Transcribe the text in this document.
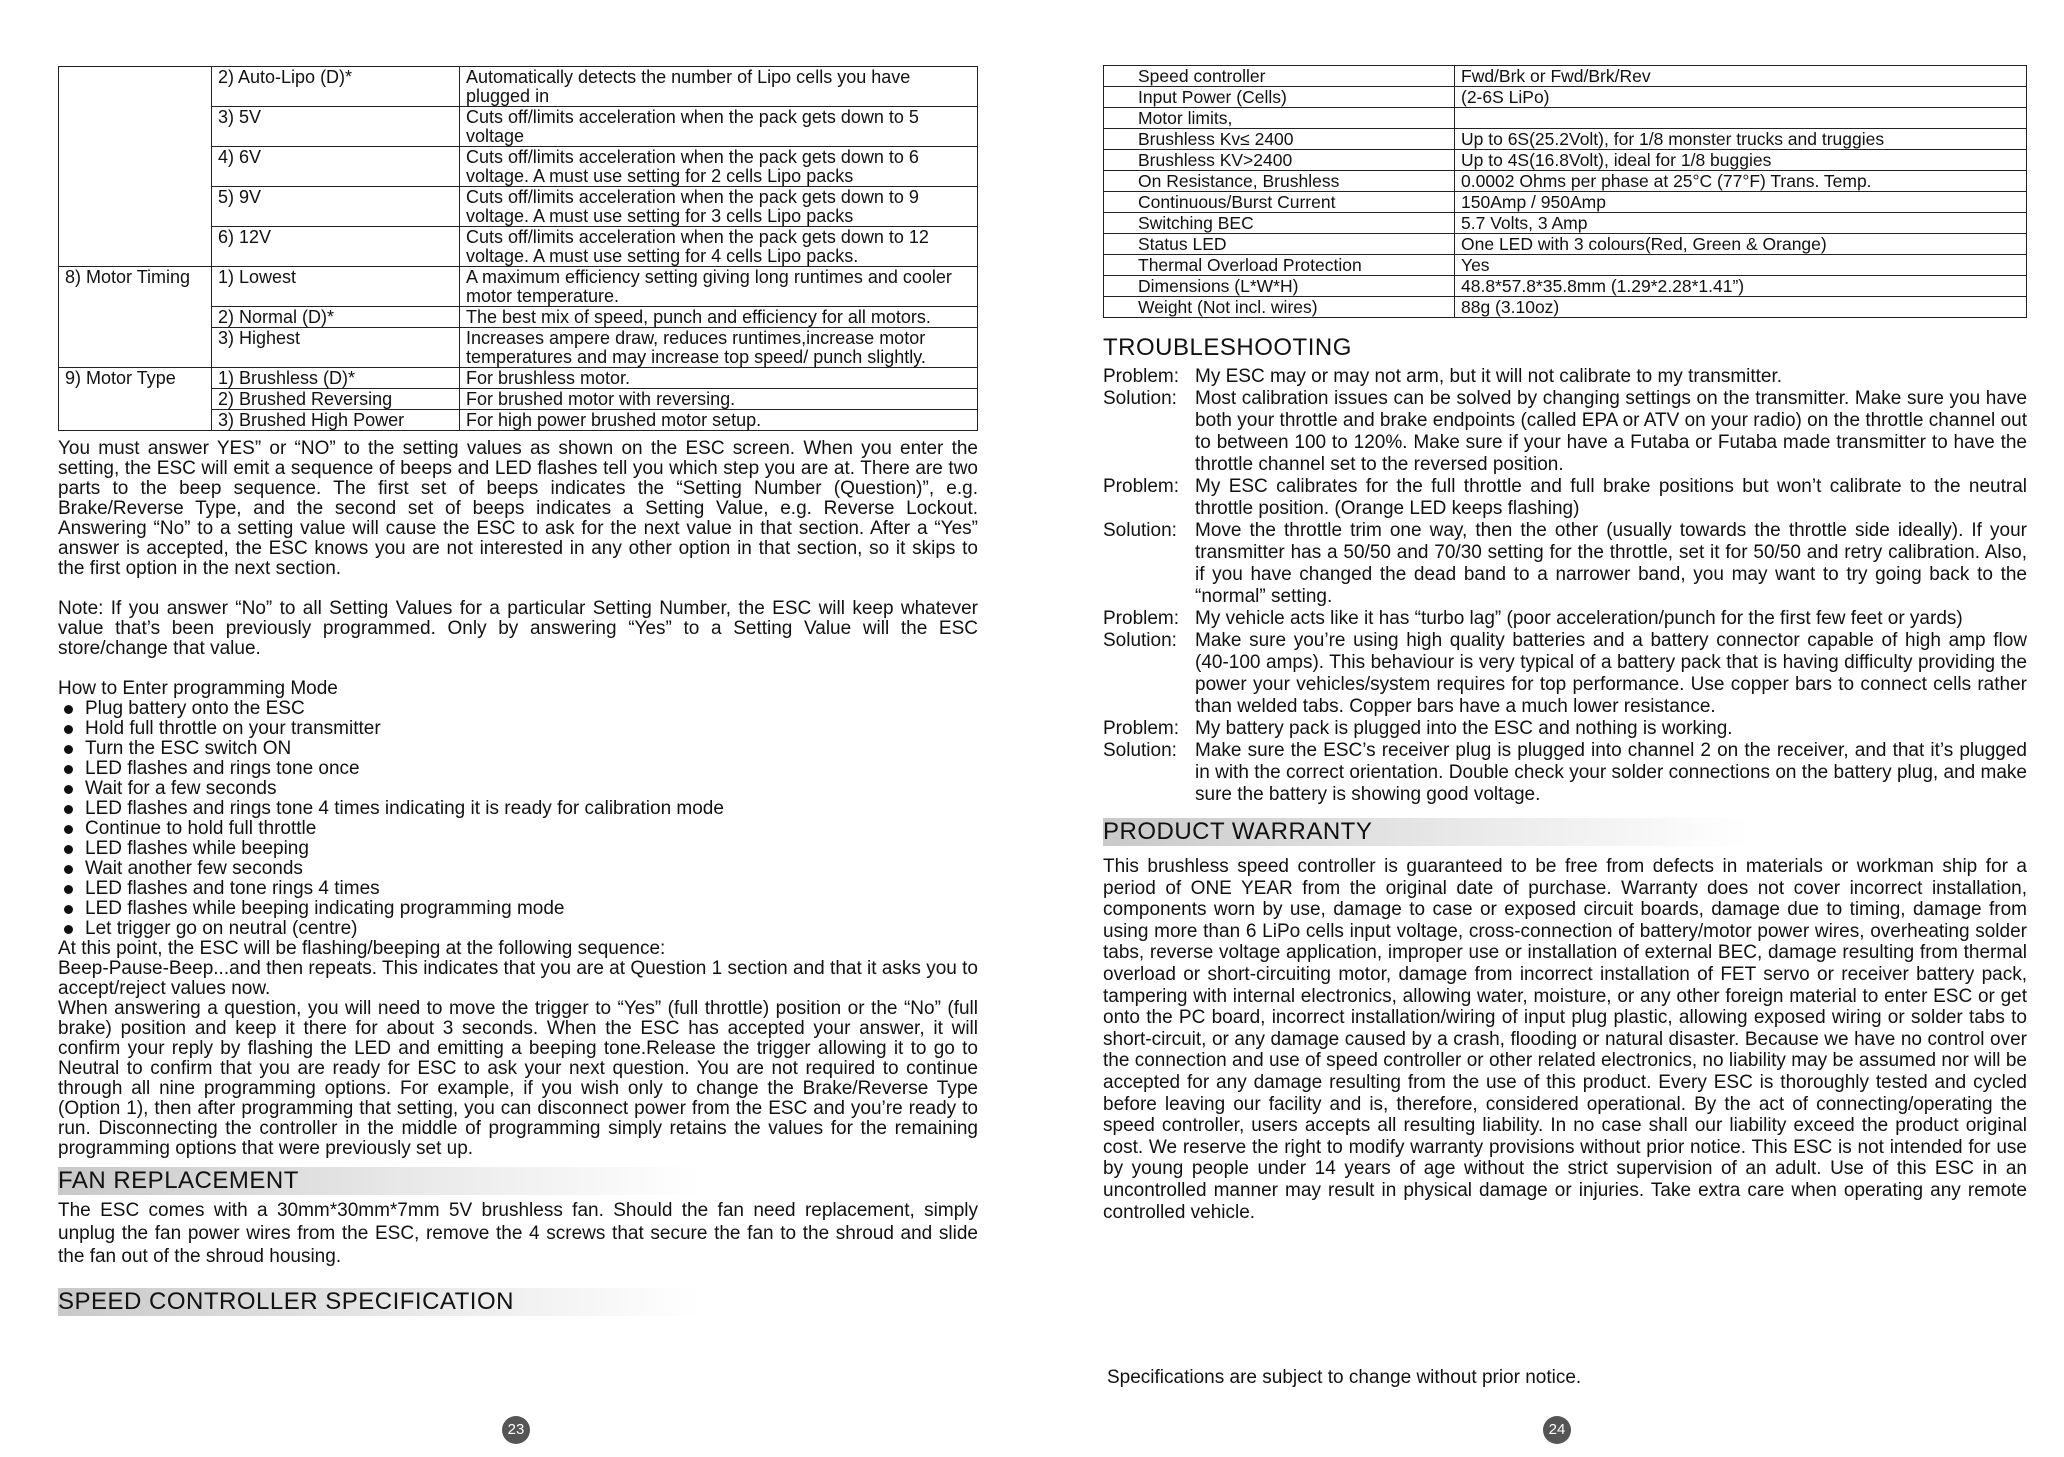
	2) Auto-Lipo (D)*	Automatically detects the number of Lipo cells you have plugged in
	3) 5V	Cuts off/limits acceleration when the pack gets down to 5 voltage
	4) 6V	Cuts off/limits acceleration when the pack gets down to 6 voltage. A must use setting for 2 cells Lipo packs
	5) 9V	Cuts off/limits acceleration when the pack gets down to 9 voltage. A must use setting for 3 cells Lipo packs
	6) 12V	Cuts off/limits acceleration when the pack gets down to 12 voltage. A must use setting for 4 cells Lipo packs.
8) Motor Timing	1) Lowest	A maximum efficiency setting giving long runtimes and cooler motor temperature.
	2) Normal (D)*	The best mix of speed, punch and efficiency for all motors.
	3) Highest	Increases ampere draw, reduces runtimes,increase motor temperatures and may increase top speed/ punch slightly.
9) Motor Type	1) Brushless (D)*	For brushless motor.
	2) Brushed Reversing	For brushed motor with reversing.
	3) Brushed High Power	For high power brushed motor setup.

You must answer YES” or “NO” to the setting values as shown on the ESC screen. When you enter the setting, the ESC will emit a sequence of beeps and LED flashes tell you which step you are at. There are two parts to the beep sequence. The first set of beeps indicates the “Setting Number (Question)”, e.g. Brake/Reverse Type, and the second set of beeps indicates a Setting Value, e.g. Reverse Lockout. Answering “No” to a setting value will cause the ESC to ask for the next value in that section. After a “Yes” answer is accepted, the ESC knows you are not interested in any other option in that section, so it skips to the first option in the next section.

Note: If you answer “No” to all Setting Values for a particular Setting Number, the ESC will keep whatever value that’s been previously programmed. Only by answering “Yes” to a Setting Value will the ESC store/change that value.

How to Enter programming Mode

Plug battery onto the ESC
Hold full throttle on your transmitter
Turn the ESC switch ON
LED flashes and rings tone once
Wait for a few seconds
LED flashes and rings tone 4 times indicating it is ready for calibration mode
Continue to hold full throttle
LED flashes while beeping
Wait another few seconds
LED flashes and tone rings 4 times
LED flashes while beeping indicating programming mode
Let trigger go on neutral (centre)

At this point, the ESC will be flashing/beeping at the following sequence:

Beep-Pause-Beep...and then repeats. This indicates that you are at Question 1 section and that it asks you to accept/reject values now.

When answering a question, you will need to move the trigger to “Yes” (full throttle) position or the “No” (full brake) position and keep it there for about 3 seconds. When the ESC has accepted your answer, it will confirm your reply by flashing the LED and emitting a beeping tone.Release the trigger allowing it to go to Neutral to confirm that you are ready for ESC to ask your next question. You are not required to continue through all nine programming options. For example, if you wish only to change the Brake/Reverse Type (Option 1), then after programming that setting, you can disconnect power from the ESC and you’re ready to run. Disconnecting the controller in the middle of programming simply retains the values for the remaining programming options that were previously set up.

FAN REPLACEMENT

The ESC comes with a 30mm*30mm*7mm 5V brushless fan. Should the fan need replacement, simply unplug the fan power wires from the ESC, remove the 4 screws that secure the fan to the shroud and slide the fan out of the shroud housing.

SPEED CONTROLLER SPECIFICATION
23
Speed controller	Fwd/Brk or Fwd/Brk/Rev
Input Power (Cells)	(2-6S LiPo)
Motor limits,	
Brushless Kv≤ 2400	Up to 6S(25.2Volt), for 1/8 monster trucks and truggies
Brushless KV>2400	Up to 4S(16.8Volt), ideal for 1/8 buggies
On Resistance, Brushless	0.0002 Ohms per phase at 25°C (77°F) Trans. Temp.
Continuous/Burst Current	150Amp / 950Amp
Switching BEC	5.7 Volts, 3 Amp
Status LED	One LED with 3 colours(Red, Green & Orange)
Thermal Overload Protection	Yes
Dimensions (L*W*H)	48.8*57.8*35.8mm (1.29*2.28*1.41”)
Weight (Not incl. wires)	88g (3.10oz)
TROUBLESHOOTING
Problem: My ESC may or may not arm, but it will not calibrate to my transmitter.
Solution: Most calibration issues can be solved by changing settings on the transmitter. Make sure you have both your throttle and brake endpoints (called EPA or ATV on your radio) on the throttle channel out to between 100 to 120%. Make sure if your have a Futaba or Futaba made transmitter to have the throttle channel set to the reversed position.
Problem: My ESC calibrates for the full throttle and full brake positions but won’t calibrate to the neutral throttle position. (Orange LED keeps flashing)
Solution: Move the throttle trim one way, then the other (usually towards the throttle side ideally). If your transmitter has a 50/50 and 70/30 setting for the throttle, set it for 50/50 and retry calibration. Also, if you have changed the dead band to a narrower band, you may want to try going back to the “normal” setting.
Problem: My vehicle acts like it has “turbo lag” (poor acceleration/punch for the first few feet or yards)
Solution: Make sure you’re using high quality batteries and a battery connector capable of high amp flow (40-100 amps). This behaviour is very typical of a battery pack that is having difficulty providing the power your vehicles/system requires for top performance. Use copper bars to connect cells rather than welded tabs. Copper bars have a much lower resistance.
Problem: My battery pack is plugged into the ESC and nothing is working.
Solution: Make sure the ESC’s receiver plug is plugged into channel 2 on the receiver, and that it’s plugged in with the correct orientation. Double check your solder connections on the battery plug, and make sure the battery is showing good voltage.
PRODUCT WARRANTY

This brushless speed controller is guaranteed to be free from defects in materials or workman ship for a period of ONE YEAR from the original date of purchase. Warranty does not cover incorrect installation, components worn by use, damage to case or exposed circuit boards, damage due to timing, damage from using more than 6 LiPo cells input voltage, cross-connection of battery/motor power wires, overheating solder tabs, reverse voltage application, improper use or installation of external BEC, damage resulting from thermal overload or short-circuiting motor, damage from incorrect installation of FET servo or receiver battery pack, tampering with internal electronics, allowing water, moisture, or any other foreign material to enter ESC or get onto the PC board, incorrect installation/wiring of input plug plastic, allowing exposed wiring or solder tabs to short-circuit, or any damage caused by a crash, flooding or natural disaster. Because we have no control over the connection and use of speed controller or other related electronics, no liability may be assumed nor will be accepted for any damage resulting from the use of this product. Every ESC is thoroughly tested and cycled before leaving our facility and is, therefore, considered operational. By the act of connecting/operating the speed controller, users accepts all resulting liability. In no case shall our liability exceed the product original cost. We reserve the right to modify warranty provisions without prior notice. This ESC is not intended for use by young people under 14 years of age without the strict supervision of an adult. Use of this ESC in an uncontrolled manner may result in physical damage or injuries. Take extra care when operating any remote controlled vehicle.

Specifications are subject to change without prior notice.

24
